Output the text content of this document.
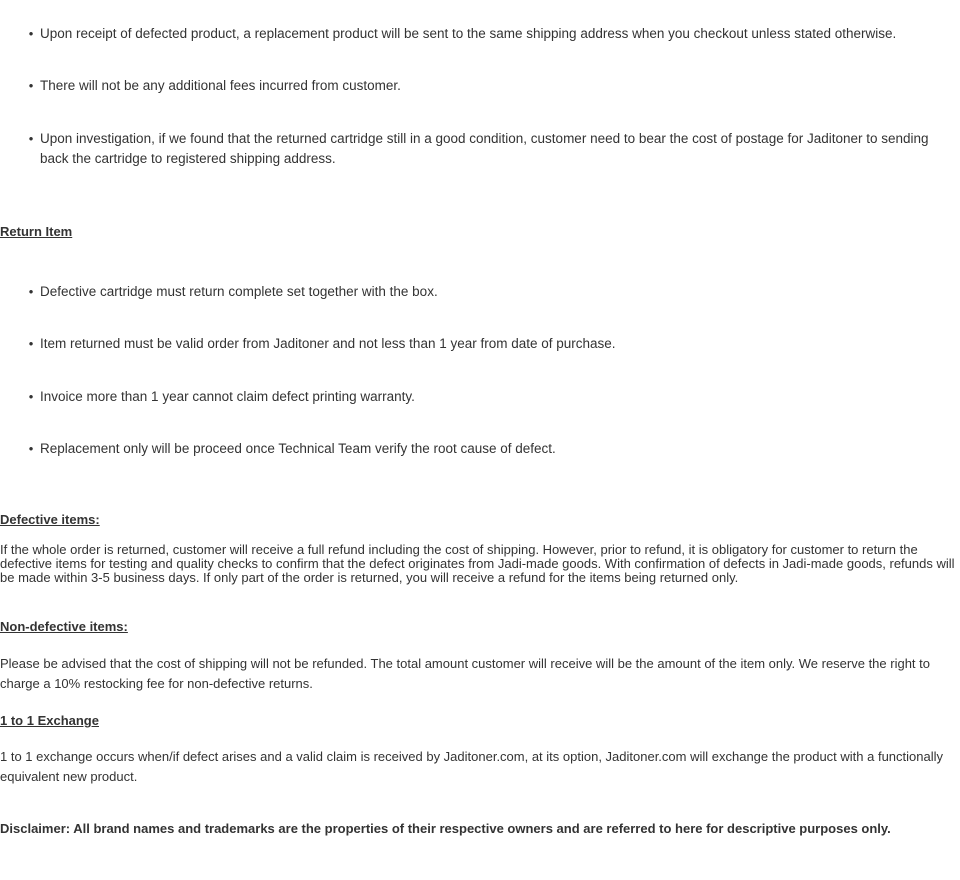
• Upon receipt of defected product, a replacement product will be sent to the same shipping address when you checkout unless stated otherwise.
• There will not be any additional fees incurred from customer.
• Upon investigation, if we found that the returned cartridge still in a good condition, customer need to bear the cost of postage for Jaditoner to sending back the cartridge to registered shipping address.
Return Item
• Defective cartridge must return complete set together with the box.
• Item returned must be valid order from Jaditoner and not less than 1 year from date of purchase.
• Invoice more than 1 year cannot claim defect printing warranty.
• Replacement only will be proceed once Technical Team verify the root cause of defect.
Defective items:
If the whole order is returned, customer will receive a full refund including the cost of shipping. However, prior to refund, it is obligatory for customer to return the defective items for testing and quality checks to confirm that the defect originates from Jadi-made goods. With confirmation of defects in Jadi-made goods, refunds will be made within 3-5 business days. If only part of the order is returned, you will receive a refund for the items being returned only.
Non-defective items:
Please be advised that the cost of shipping will not be refunded. The total amount customer will receive will be the amount of the item only. We reserve the right to charge a 10% restocking fee for non-defective returns.
1 to 1 Exchange
1 to 1 exchange occurs when/if defect arises and a valid claim is received by Jaditoner.com, at its option, Jaditoner.com will exchange the product with a functionally equivalent new product.
Disclaimer: All brand names and trademarks are the properties of their respective owners and are referred to here for descriptive purposes only.
